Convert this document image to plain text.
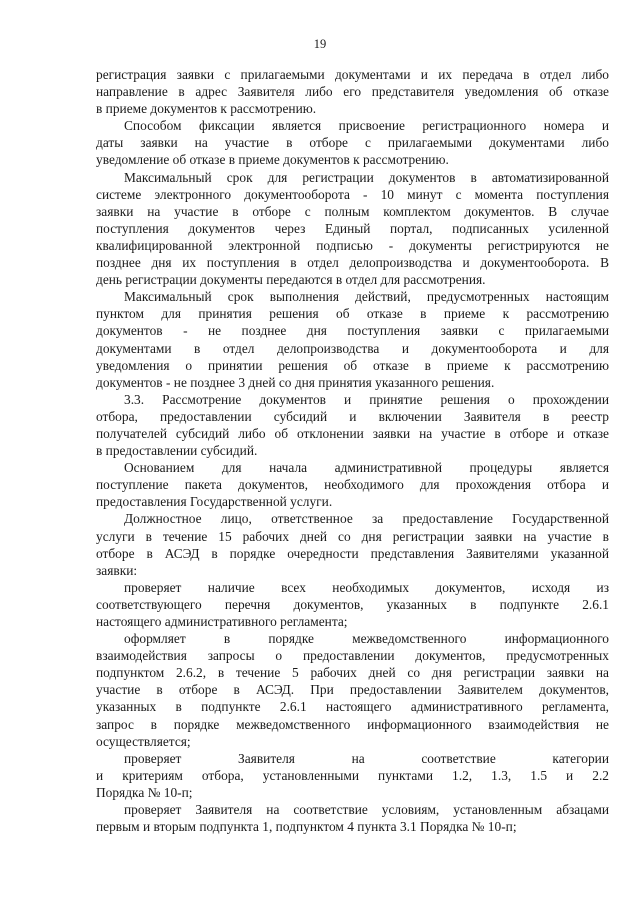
19
регистрация заявки с прилагаемыми документами и их передача в отдел либо
направление в адрес Заявителя либо его представителя уведомления об отказе
в приеме документов к рассмотрению.
Способом фиксации является присвоение регистрационного номера и
даты заявки на участие в отборе с прилагаемыми документами либо
уведомление об отказе в приеме документов к рассмотрению.
Максимальный срок для регистрации документов в автоматизированной
системе электронного документооборота - 10 минут с момента поступления
заявки на участие в отборе с полным комплектом документов. В случае
поступления документов через Единый портал, подписанных усиленной
квалифицированной электронной подписью - документы регистрируются не
позднее дня их поступления в отдел делопроизводства и документооборота. В
день регистрации документы передаются в отдел для рассмотрения.
Максимальный срок выполнения действий, предусмотренных настоящим
пунктом для принятия решения об отказе в приеме к рассмотрению
документов - не позднее дня поступления заявки с прилагаемыми
документами в отдел делопроизводства и документооборота и для
уведомления о принятии решения об отказе в приеме к рассмотрению
документов - не позднее 3 дней со дня принятия указанного решения.
3.3. Рассмотрение документов и принятие решения о прохождении
отбора, предоставлении субсидий и включении Заявителя в реестр
получателей субсидий либо об отклонении заявки на участие в отборе и отказе
в предоставлении субсидий.
Основанием для начала административной процедуры является
поступление пакета документов, необходимого для прохождения отбора и
предоставления Государственной услуги.
Должностное лицо, ответственное за предоставление Государственной
услуги в течение 15 рабочих дней со дня регистрации заявки на участие в
отборе в АСЭД в порядке очередности представления Заявителями указанной
заявки:
проверяет наличие всех необходимых документов, исходя из
соответствующего перечня документов, указанных в подпункте 2.6.1
настоящего административного регламента;
оформляет в порядке межведомственного информационного
взаимодействия запросы о предоставлении документов, предусмотренных
подпунктом 2.6.2, в течение 5 рабочих дней со дня регистрации заявки на
участие в отборе в АСЭД. При предоставлении Заявителем документов,
указанных в подпункте 2.6.1 настоящего административного регламента,
запрос в порядке межведомственного информационного взаимодействия не
осуществляется;
проверяет Заявителя на соответствие категории
и критериям отбора, установленными пунктами 1.2, 1.3, 1.5 и 2.2
Порядка № 10-п;
проверяет Заявителя на соответствие условиям, установленным абзацами
первым и вторым подпункта 1, подпунктом 4 пункта 3.1 Порядка № 10-п;
